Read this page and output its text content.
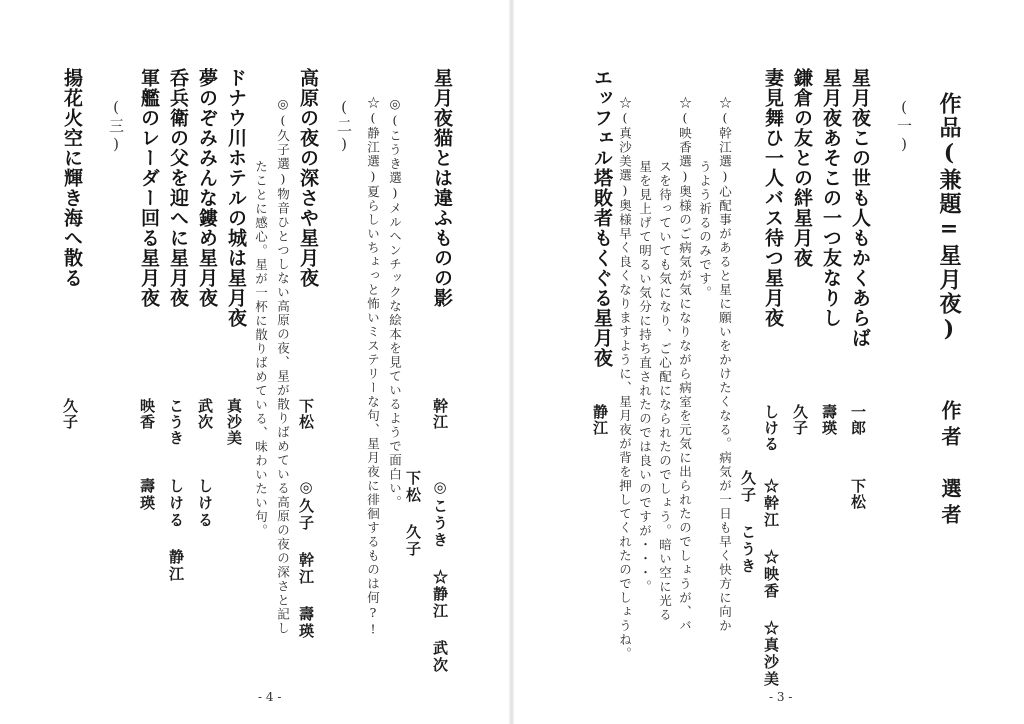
星月夜猫とは違ふものの影
幹江
◎こうき ☆静江 武次
下松 久子
◎(こうき選)メルヘンチックな絵本を見ているようで面白い。
☆(静江選)夏らしいちょっと怖いミステリーな句、星月夜に徘徊するものは何?!
(二)
高原の夜の深さや星月夜
下松
◎久子 幹江 壽瑛
◎(久子選)物音ひとつしない高原の夜、星が散りばめている高原の夜の深さと記し
たことに感心。星が一杯に散りばめている、味わいたい句。
ドナウ川ホテルの城は星月夜
真沙美
夢のぞみみんな鏤め星月夜
武次
しける
呑兵衛の父を迎へに星月夜
こうき
しける 静江
軍艦のレーダー回る星月夜
映香
壽瑛
(三)
揚花火空に輝き海へ散る
久子
- 4 -
作品(兼題=星月夜)
作者
選者
(一)
星月夜この世も人もかくあらば
一郎
下松
星月夜あそこの一つ友なりし
壽瑛
鎌倉の友との絆星月夜
久子
妻見舞ひ一人バス待つ星月夜
しける
☆幹江 ☆映香 ☆真沙美
久子 こうき
☆(幹江選)心配事があると星に願いをかけたくなる。病気が一日も早く快方に向か
うよう祈るのみです。
☆(映香選)奥様のご病気が気になりながら病室を元気に出られたのでしょうが、バ
スを待っていても気になり、ご心配になられたのでしょう。暗い空に光る
星を見上げて明るい気分に持ち直されたのでは良いのですが・・・。
☆(真沙美選)奥様早く良くなりますように、星月夜が背を押してくれたのでしょうね。
エッフェル塔敗者もくぐる星月夜
静江
- 3 -
